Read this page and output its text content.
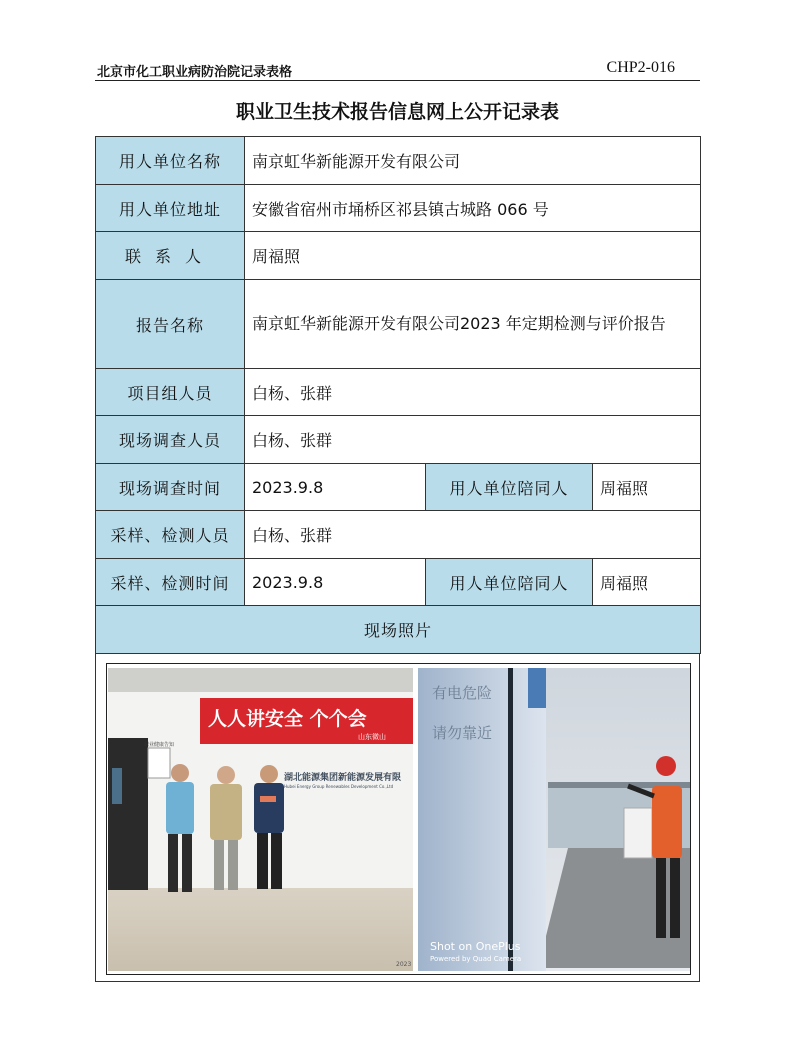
北京市化工职业病防治院记录表格	CHP2-016
职业卫生技术报告信息网上公开记录表
用人单位名称	南京虹华新能源开发有限公司		
用人单位地址	安徽省宿州市埇桥区祁县镇古城路 066 号		
联系人	周福照		
报告名称	南京虹华新能源开发有限公司2023 年定期检测与评价报告		
项目组人员	白杨、张群		
现场调查人员	白杨、张群		
现场调查时间	2023.9.8	用人单位陪同人	周福照
采样、检测人员	白杨、张群		
采样、检测时间	2023.9.8	用人单位陪同人	周福照
现场照片			
职业健康告知
人人讲安全 个个会
山东微山
湖北能源集团新能源发展有限
Hubei Energy Group Renewables Development Co.,Ltd
2023
有电危险
请勿靠近
Shot on OnePlus
Powered by Quad Camera
